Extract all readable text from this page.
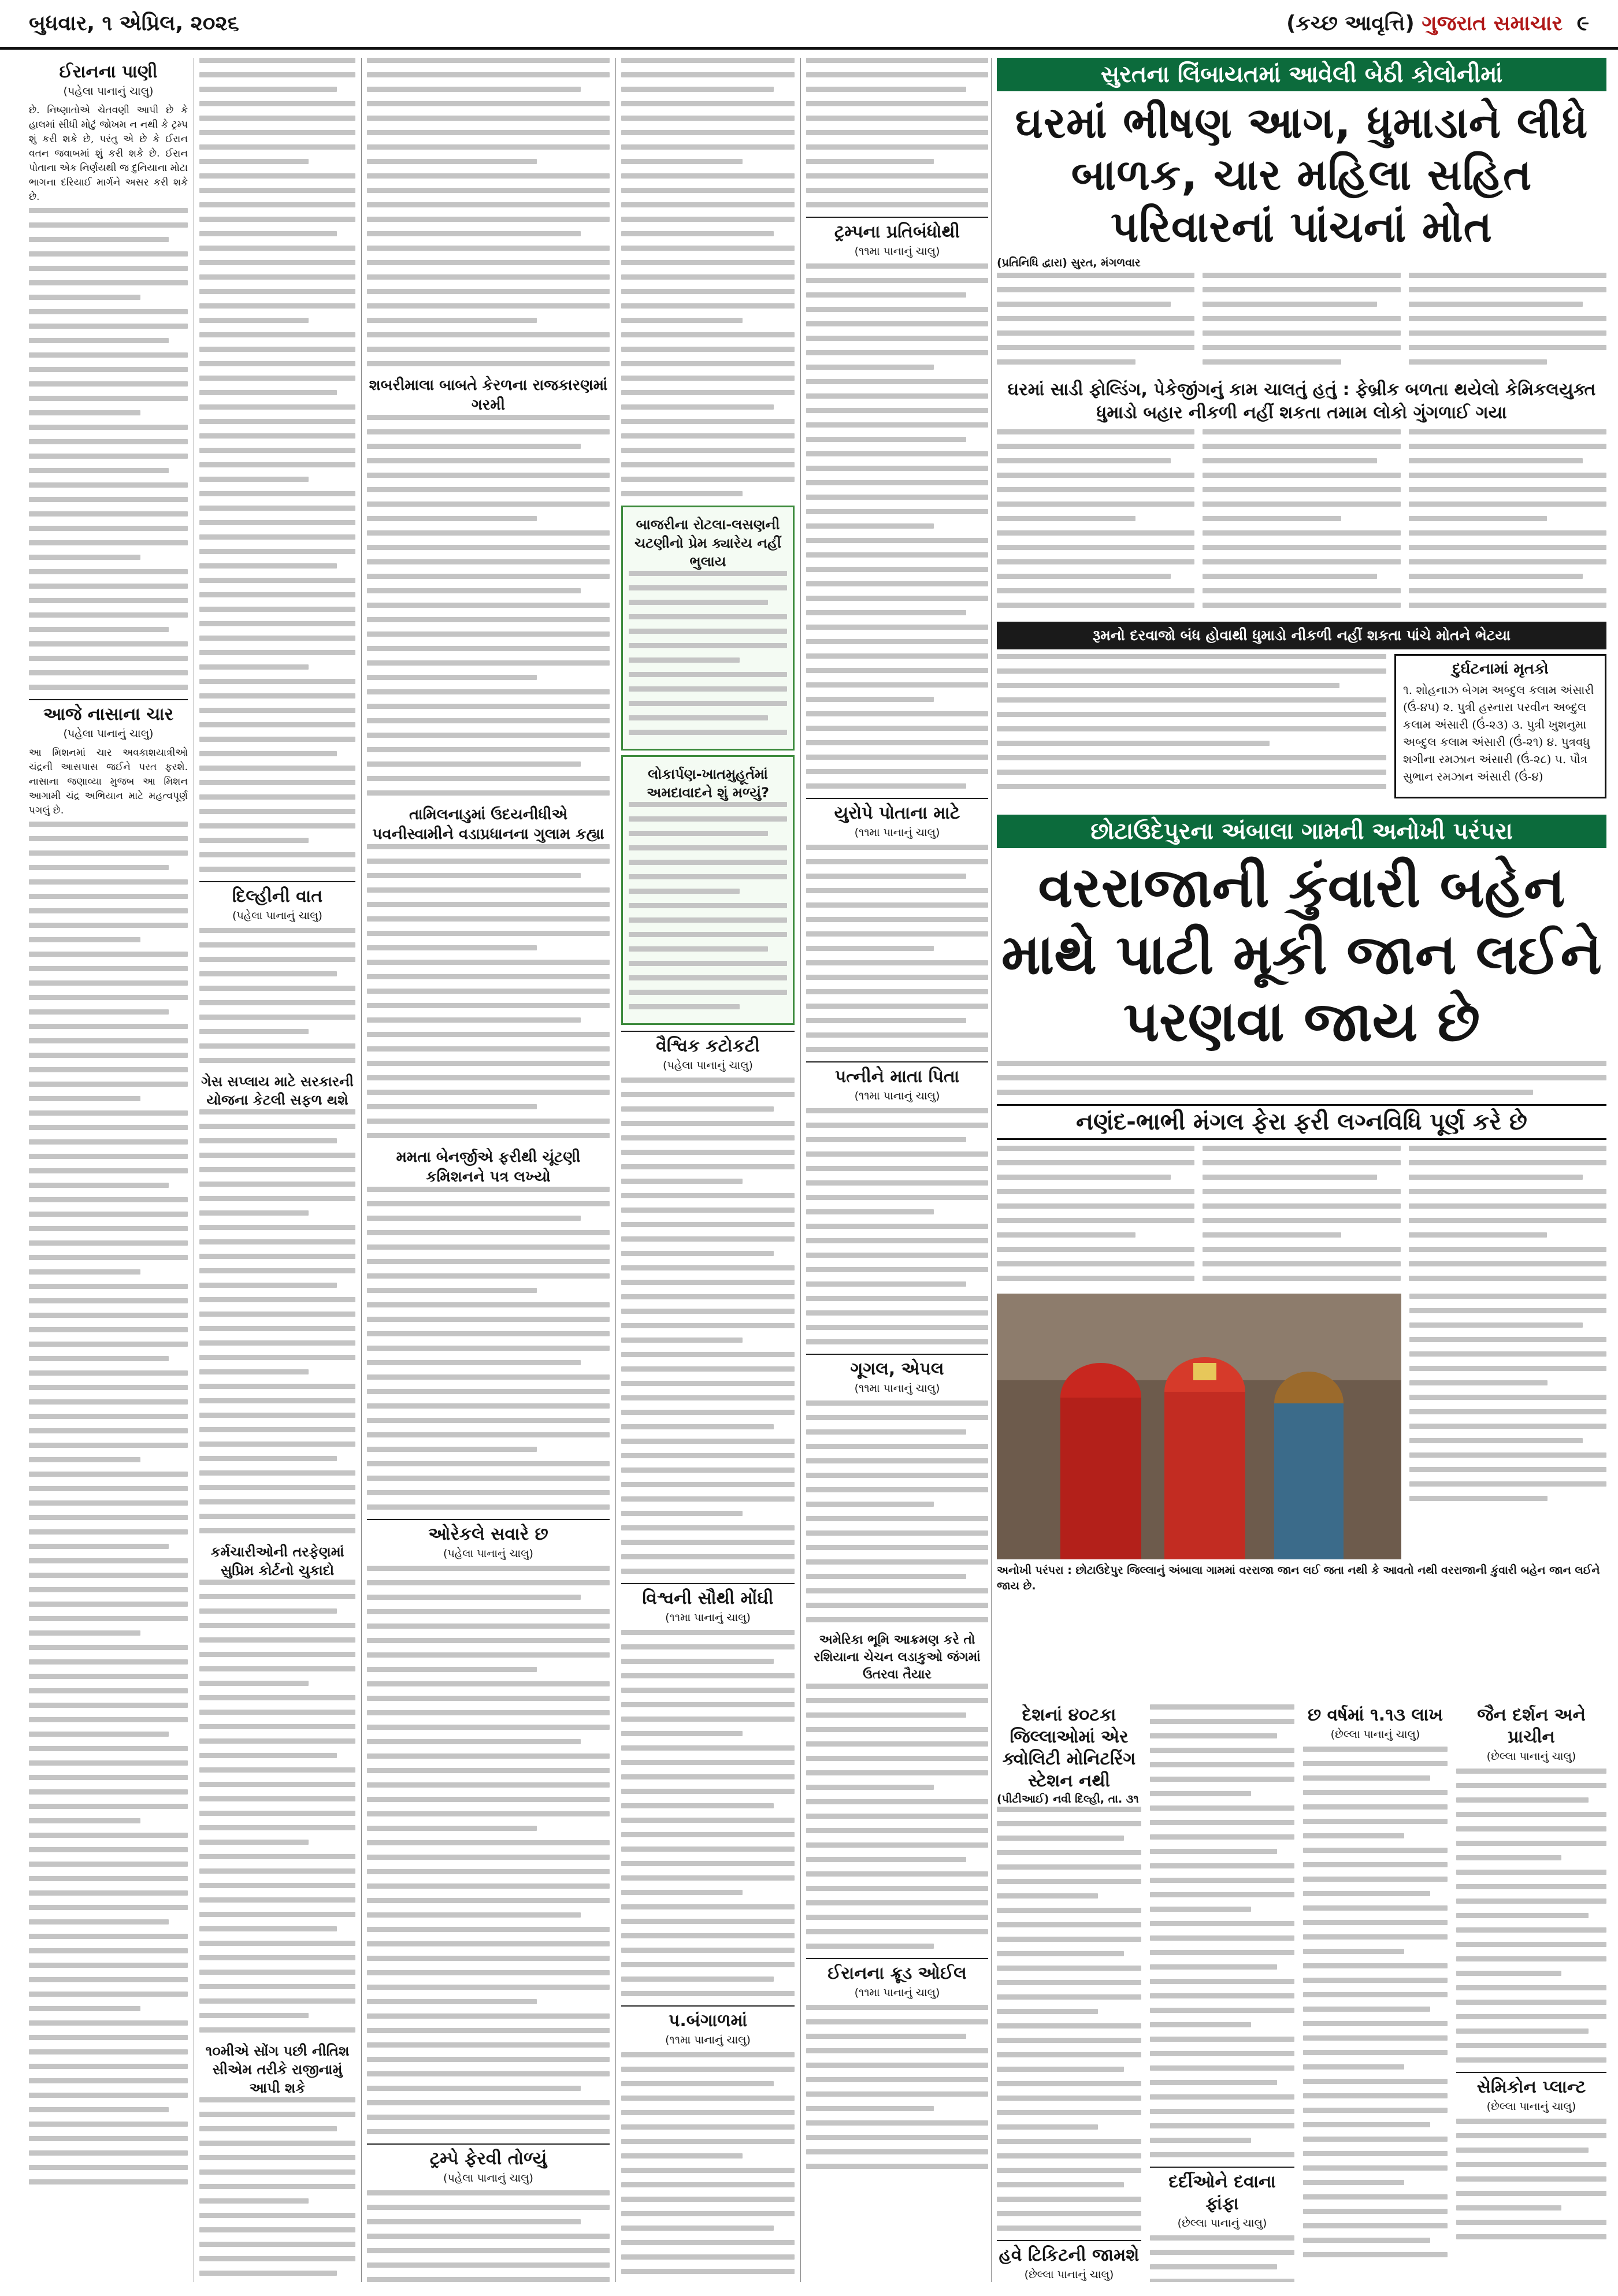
બુધવાર, ૧ એપ્રિલ, ૨૦૨૬	(કચ્છ આવૃત્તિ) ગુજરાત સમાચાર ૯
ઈરાનના પાણી
(પહેલા પાનાનું ચાલુ)

છે. નિષ્ણાતોએ ચેતવણી આપી છે કે હાલમાં સીધી મોટું જોખમ ન નથી કે ટ્રમ્પ શું કરી શકે છે, પરંતુ એ છે કે ઈરાન વતન જવાબમાં શું કરી શકે છે. ઈરાન પોતાના એક નિર્ણયથી જ દુનિયાના મોટા ભાગના દરિયાઈ માર્ગને અસર કરી શકે છે.

આજે નાસાના ચાર
(પહેલા પાનાનું ચાલુ)

આ મિશનમાં ચાર અવકાશયાત્રીઓ ચંદ્રની આસપાસ જઈને પરત ફરશે. નાસાના જણાવ્યા મુજબ આ મિશન આગામી ચંદ્ર અભિયાન માટે મહત્વપૂર્ણ પગલું છે.

દિલ્હીની વાત
(પહેલા પાનાનું ચાલુ)
ગેસ સપ્લાય માટે સરકારની યોજના કેટલી સફળ થશે
કર્મચારીઓની તરફેણમાં સુપ્રિમ કોર્ટનો ચુકાદો
૧૦મીએ સોંગ પછી નીતિશ સીએમ તરીકે રાજીનામું આપી શકે
શબરીમાલા બાબતે કેરળના રાજકારણમાં ગરમી
તામિલનાડુમાં ઉદયનીધીએ પવનીસ્વામીને વડાપ્રધાનના ગુલામ કહ્યા
મમતા બેનર્જીએ ફરીથી ચૂંટણી કમિશનને પત્ર લખ્યો
ઓરેકલે સવારે છ
(પહેલા પાનાનું ચાલુ)
ટ્રમ્પે ફેરવી તોળ્યું
(પહેલા પાનાનું ચાલુ)
બાજરીના રોટલા-લસણની ચટણીનો પ્રેમ ક્યારેય નહીં ભુલાય
લોકાર્પણ-ખાતમુહૂર્તમાં અમદાવાદને શું મળ્યું?
વૈશ્વિક કટોકટી
(પહેલા પાનાનું ચાલુ)
વિશ્વની સૌથી મોંઘી
(૧૧મા પાનાનું ચાલુ)
પ.બંગાળમાં
(૧૧મા પાનાનું ચાલુ)
ટ્રમ્પના પ્રતિબંધોથી
(૧૧મા પાનાનું ચાલુ)
યુરોપે પોતાના માટે
(૧૧મા પાનાનું ચાલુ)
પત્નીને માતા પિતા
(૧૧મા પાનાનું ચાલુ)
ગૂગલ, એપલ
(૧૧મા પાનાનું ચાલુ)
અમેરિકા ભૂમિ આક્રમણ કરે તો રશિયાના ચેચન લડાકુઓ જંગમાં ઉતરવા તૈયાર
ઈરાનના ક્રૂડ ઓઈલ
(૧૧મા પાનાનું ચાલુ)
સુરતના લિંબાયતમાં આવેલી બેઠી કોલોનીમાં
ઘરમાં ભીષણ આગ, ધુમાડાને લીધે બાળક, ચાર મહિલા સહિત પરિવારનાં પાંચનાં મોત
(પ્રતિનિધિ દ્વારા) સુરત, મંગળવાર
ઘરમાં સાડી ફોલ્ડિંગ, પેકેજીંગનું કામ ચાલતું હતું : ફેબ્રીક બળતા થયેલો કેમિકલયુક્ત ધુમાડો બહાર નીકળી નહીં શકતા તમામ લોકો ગુંગળાઈ ગયા
રૂમનો દરવાજો બંધ હોવાથી ધુમાડો નીકળી નહીં શકતા પાંચે મોતને ભેટયા
દુર્ઘટનામાં મૃતકો
૧. શોહનાઝ બેગમ અબ્દુલ કલામ અંસારી (ઉં-૪૫) ૨. પુત્રી હસ્નારા પરવીન અબ્દુલ કલામ અંસારી (ઉં-૨૩) ૩. પુત્રી ખુશનુમા અબ્દુલ કલામ અંસારી (ઉં-૨૧) ૪. પુત્રવધુ શગીના રમઝાન અંસારી (ઉં-૨૮) ૫. પૌત્ર સુભાન રમઝાન અંસારી (ઉં-૪)
છોટાઉદેપુરના અંબાલા ગામની અનોખી પરંપરા
વરરાજાની કુંવારી બહેન માથે પાટી મૂકી જાન લઈને પરણવા જાય છે
નણંદ-ભાભી મંગલ ફેરા ફરી લગ્નવિધિ પૂર્ણ કરે છે
અનોખી પરંપરા : છોટાઉદેપુર જિલ્લાનું અંબાલા ગામમાં વરરાજા જાન લઈ જતા નથી કે આવતો નથી વરરાજાની કુંવારી બહેન જાન લઈને જાય છે.
દેશનાં ૪૦ટકા જિલ્લાઓમાં એર ક્વોલિટી મોનિટરિંગ સ્ટેશન નથી
(પીટીઆઈ) નવી દિલ્હી, તા. ૩૧
હવે ટિકિટની જામશે
(છેલ્લા પાનાનું ચાલુ)
દર્દીઓને દવાના ફાંફા
(છેલ્લા પાનાનું ચાલુ)
છ વર્ષમાં ૧.૧૩ લાખ
(છેલ્લા પાનાનું ચાલુ)
જૈન દર્શન અને પ્રાચીન
(છેલ્લા પાનાનું ચાલુ)
સેમિકોન પ્લાન્ટ
(છેલ્લા પાનાનું ચાલુ)
